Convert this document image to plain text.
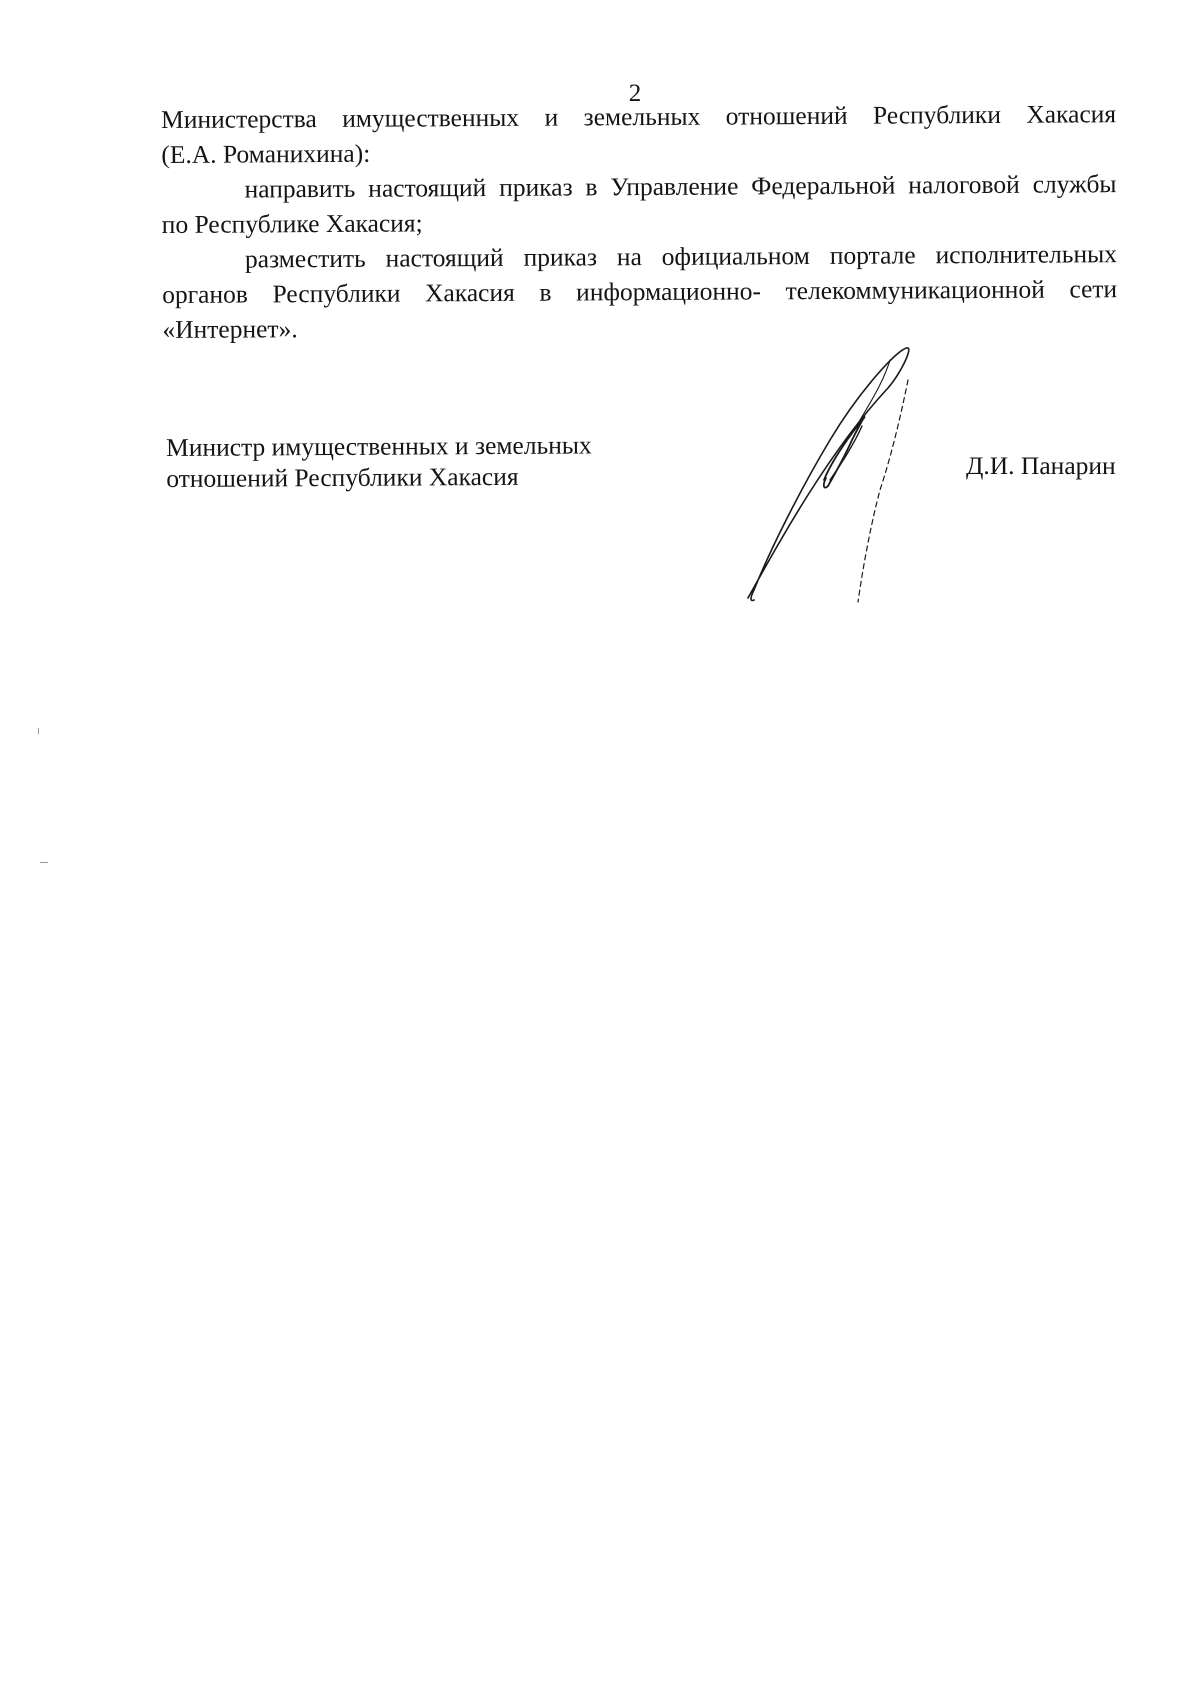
2
Министерства имущественных и земельных отношений Республики Хакасия
(Е.А. Романихина):
направить настоящий приказ в Управление Федеральной налоговой службы
по Республике Хакасия;
разместить настоящий приказ на официальном портале исполнительных
органов Республики Хакасия в информационно- телекоммуникационной сети
«Интернет».
Министр имущественных и земельных
отношений Республики Хакасия	Д.И. Панарин
